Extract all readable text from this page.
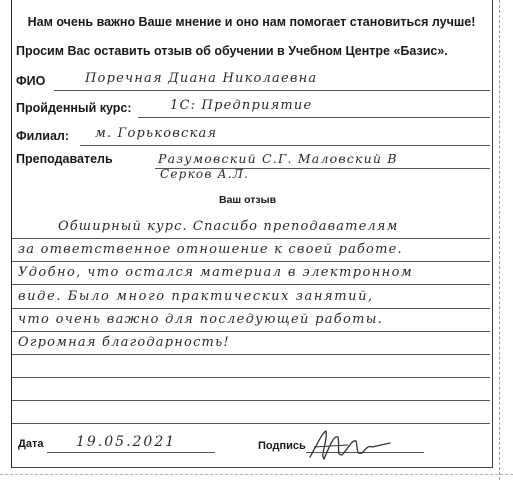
Нам очень важно Ваше мнение и оно нам помогает становиться лучше!
Просим Вас оставить отзыв об обучении в Учебном Центре «Базис».
ФИО	Поречная Диана Николаевна
Пройденный курс:	1С: Предприятие
Филиал: м. Горьковская
Преподаватель	Разумовский С.Г. Маловский В
Серков А.Л.
Ваш отзыв
Обширный курс. Спасибо преподавателям
за ответственное отношение к своей работе.
Удобно, что остался материал в электронном
виде. Было много практических занятий,
что очень важно для последующей работы.
Огромная благодарность!
Дата 19.05.2021	Подпись
